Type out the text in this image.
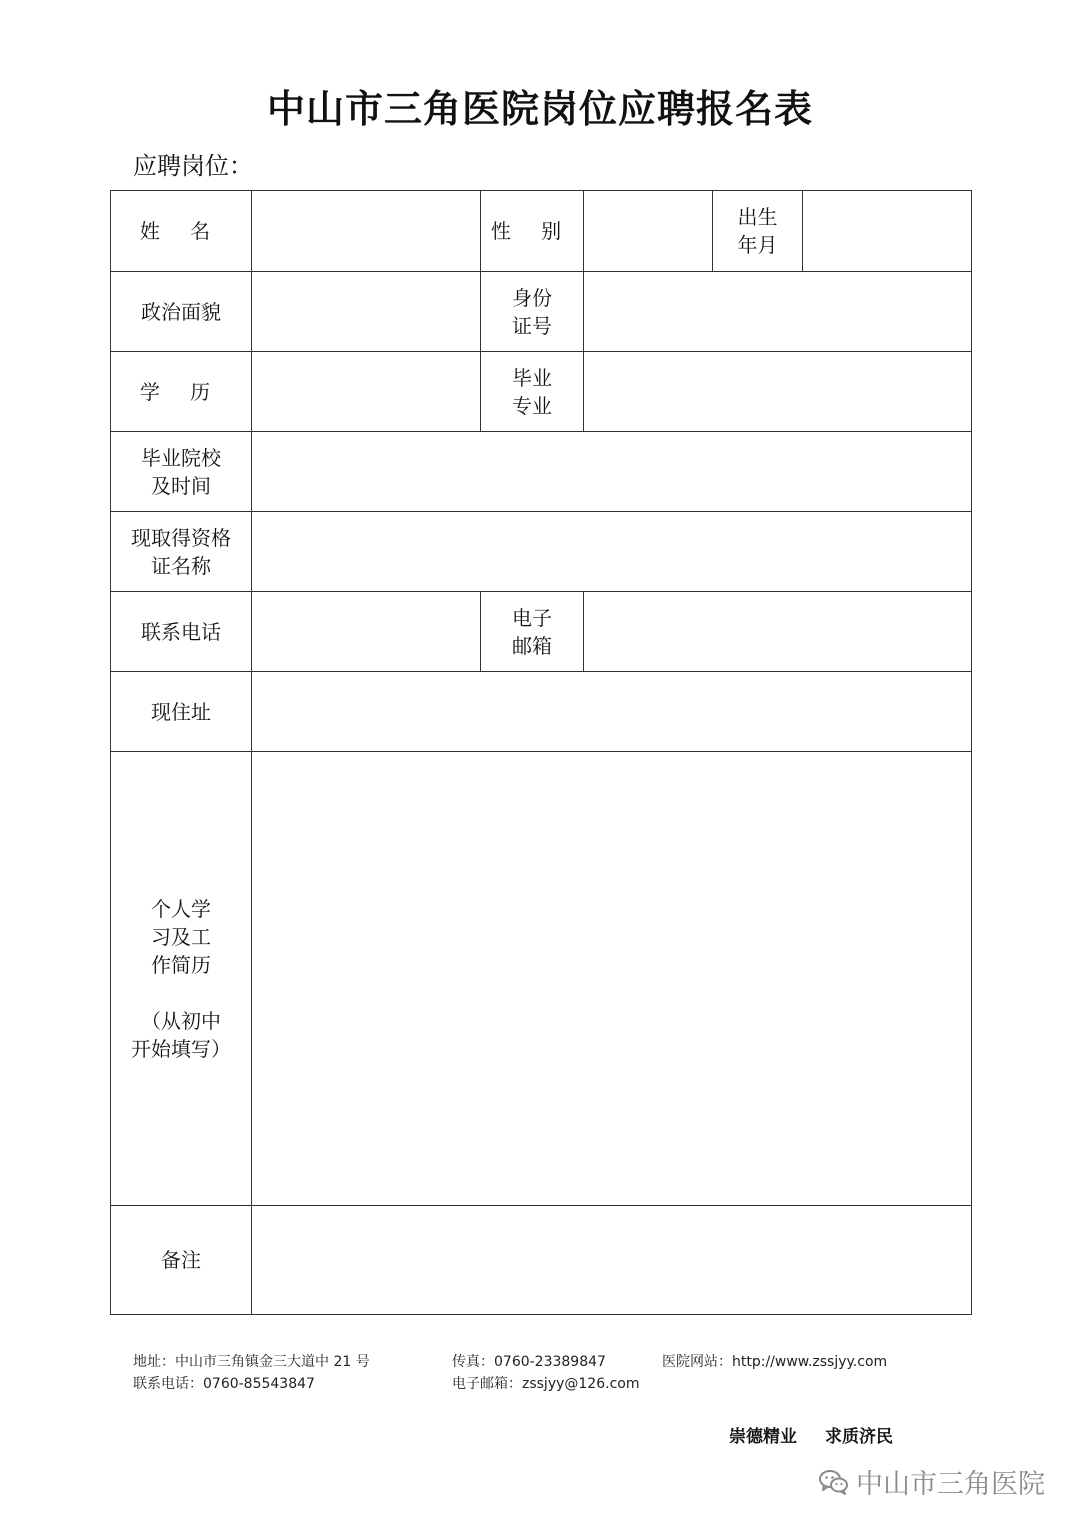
中山市三角医院岗位应聘报名表
应聘岗位：
姓 名		性 别		出生
年月	

政治面貌		身份
证号			

学 历		毕业
专业			

毕业院校
及时间					

现取得资格
证名称					

联系电话		电子
邮箱			

现住址					

个人学
习及工
作简历
（从初中
开始填写）					

备注					
地址：中山市三角镇金三大道中 21 号	传真：0760-23389847	医院网站：http://www.zssjyy.com
联系电话：0760-85543847	电子邮箱：zssjyy@126.com
崇德精业 求质济民
中山市三角医院
